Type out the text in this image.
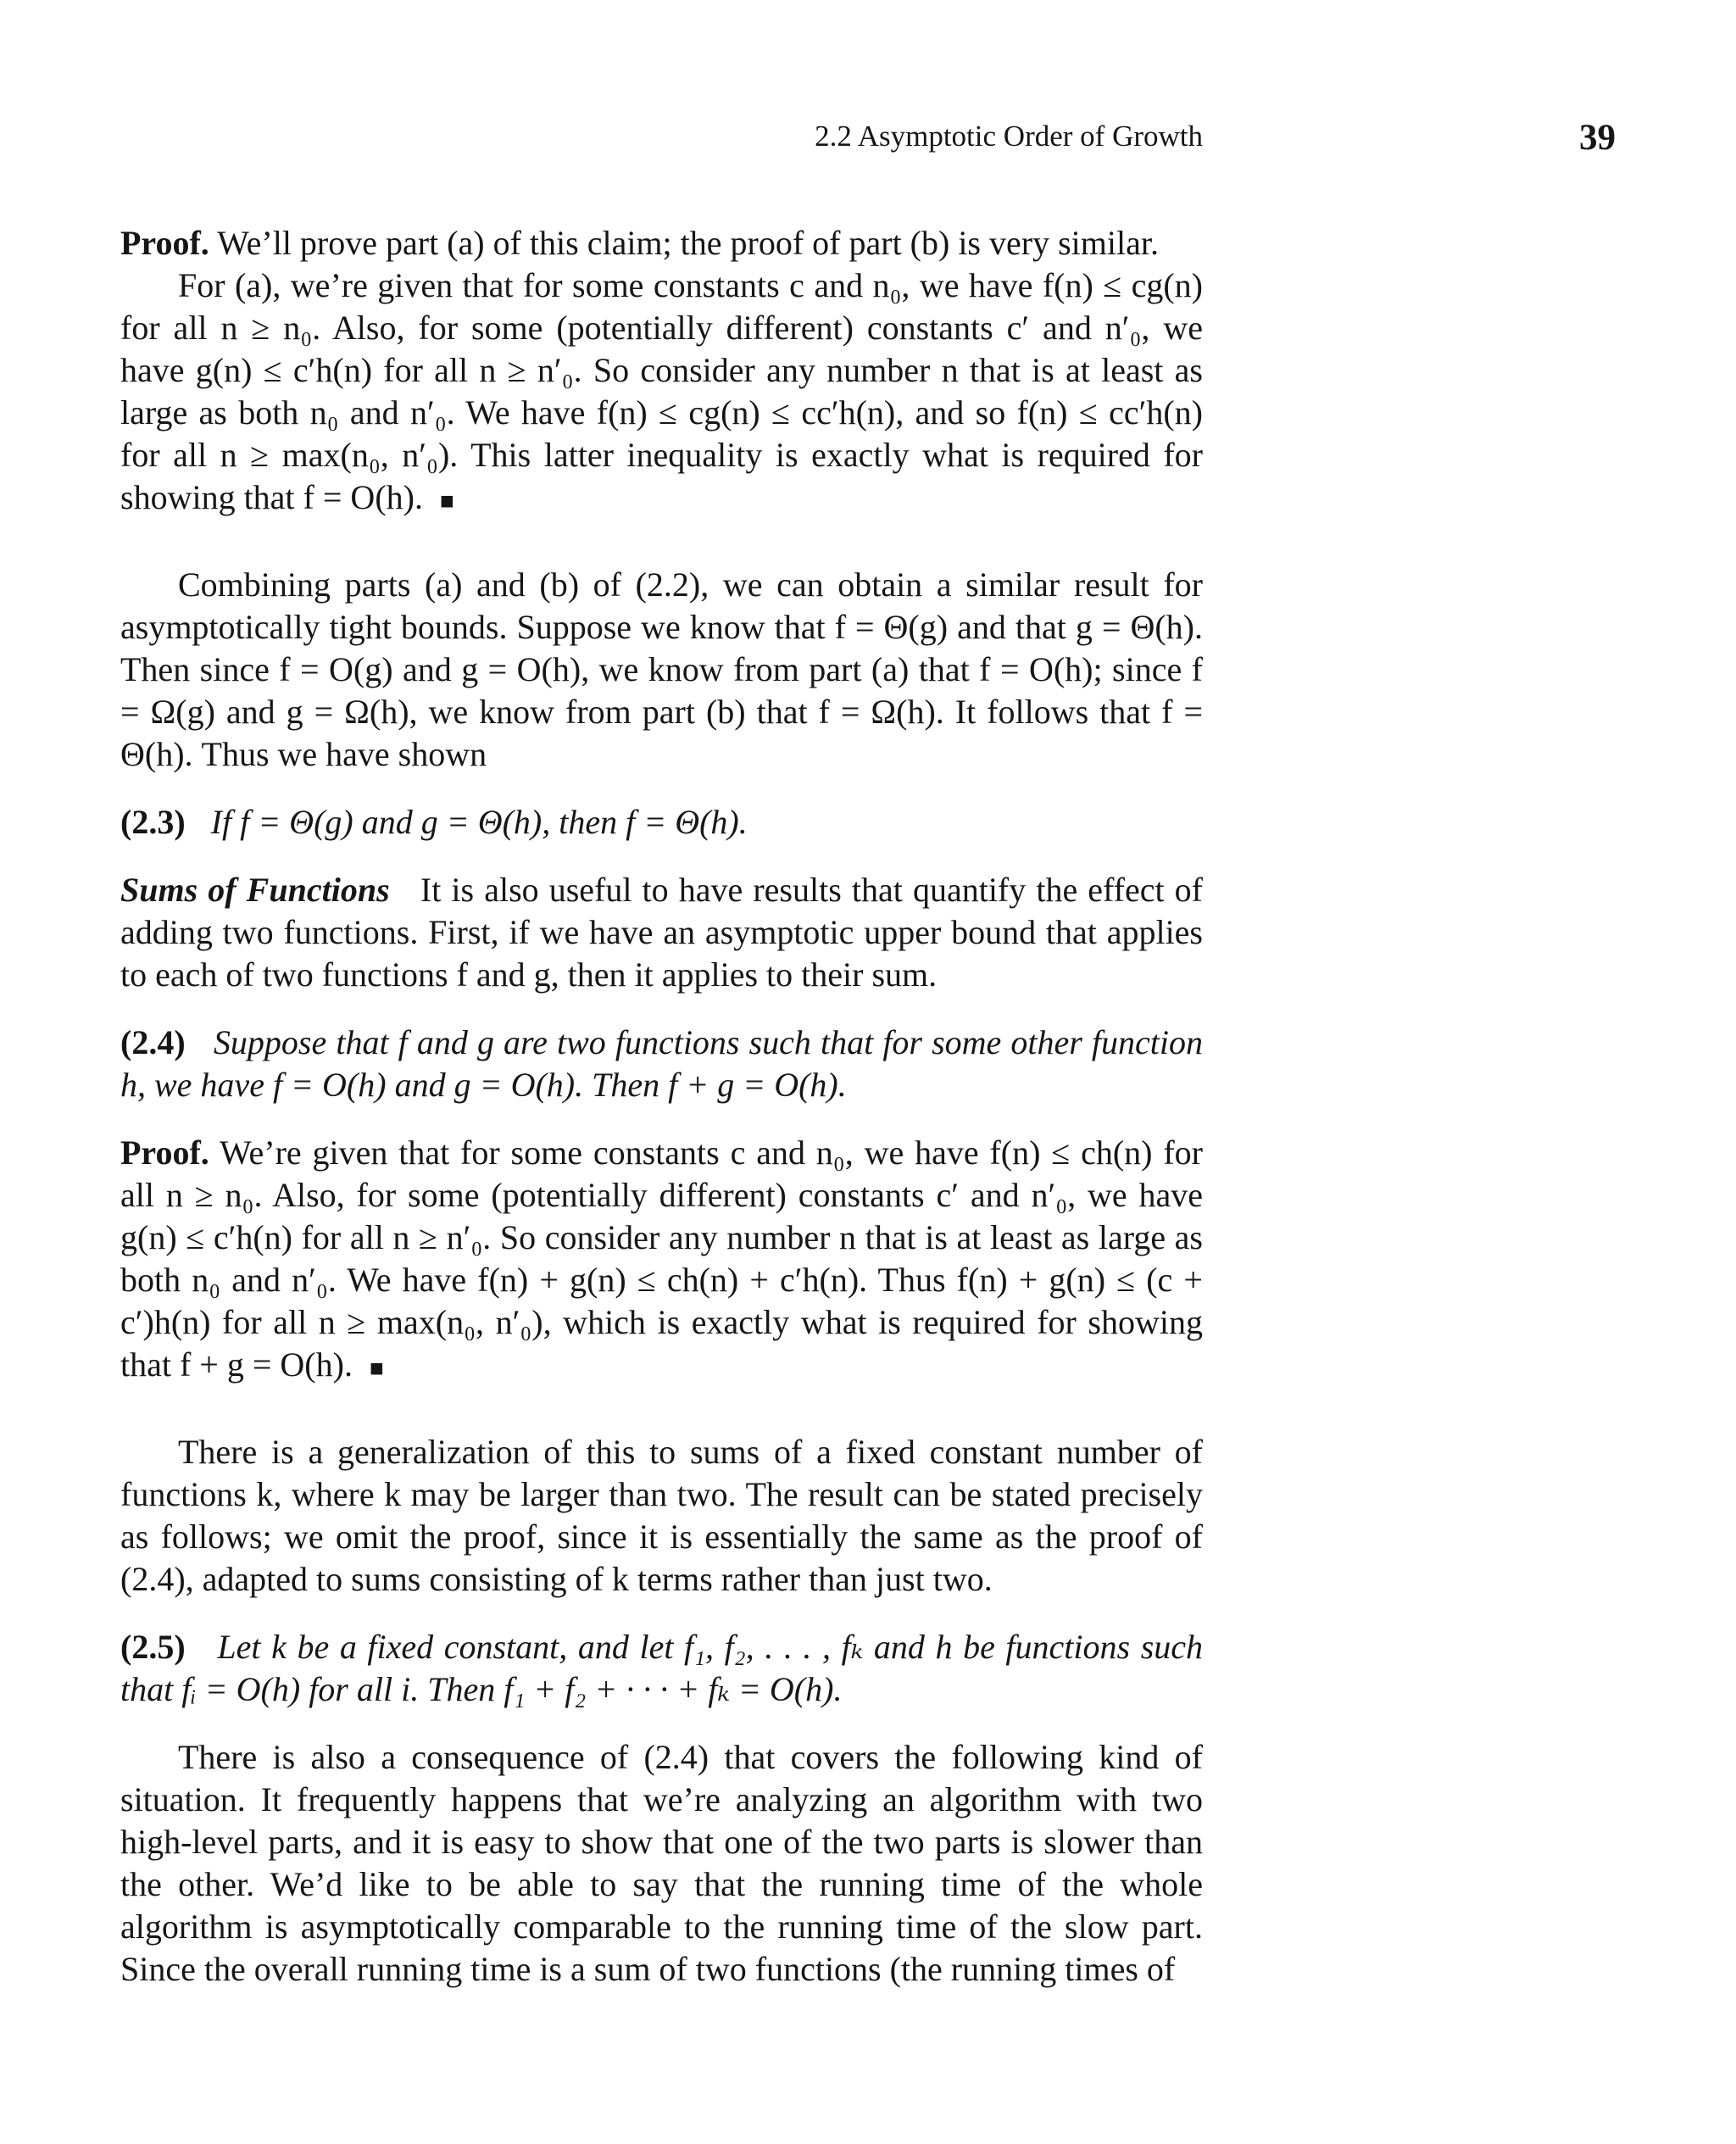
2.2 Asymptotic Order of Growth	39

Proof. We’ll prove part (a) of this claim; the proof of part (b) is very similar.

For (a), we’re given that for some constants c and n₀, we have f(n) ≤ cg(n) for all n ≥ n₀. Also, for some (potentially different) constants c′ and n′₀, we have g(n) ≤ c′h(n) for all n ≥ n′₀. So consider any number n that is at least as large as both n₀ and n′₀. We have f(n) ≤ cg(n) ≤ cc′h(n), and so f(n) ≤ cc′h(n) for all n ≥ max(n₀, n′₀). This latter inequality is exactly what is required for showing that f = O(h). ■

Combining parts (a) and (b) of (2.2), we can obtain a similar result for asymptotically tight bounds. Suppose we know that f = Θ(g) and that g = Θ(h). Then since f = O(g) and g = O(h), we know from part (a) that f = O(h); since f = Ω(g) and g = Ω(h), we know from part (b) that f = Ω(h). It follows that f = Θ(h). Thus we have shown

(2.3) If f = Θ(g) and g = Θ(h), then f = Θ(h).

Sums of Functions It is also useful to have results that quantify the effect of adding two functions. First, if we have an asymptotic upper bound that applies to each of two functions f and g, then it applies to their sum.

(2.4) Suppose that f and g are two functions such that for some other function h, we have f = O(h) and g = O(h). Then f + g = O(h).

Proof. We’re given that for some constants c and n₀, we have f(n) ≤ ch(n) for all n ≥ n₀. Also, for some (potentially different) constants c′ and n′₀, we have g(n) ≤ c′h(n) for all n ≥ n′₀. So consider any number n that is at least as large as both n₀ and n′₀. We have f(n) + g(n) ≤ ch(n) + c′h(n). Thus f(n) + g(n) ≤ (c + c′)h(n) for all n ≥ max(n₀, n′₀), which is exactly what is required for showing that f + g = O(h). ■

There is a generalization of this to sums of a fixed constant number of functions k, where k may be larger than two. The result can be stated precisely as follows; we omit the proof, since it is essentially the same as the proof of (2.4), adapted to sums consisting of k terms rather than just two.

(2.5) Let k be a fixed constant, and let f₁, f₂, . . . , fₖ and h be functions such that fᵢ = O(h) for all i. Then f₁ + f₂ + · · · + fₖ = O(h).

There is also a consequence of (2.4) that covers the following kind of situation. It frequently happens that we’re analyzing an algorithm with two high-level parts, and it is easy to show that one of the two parts is slower than the other. We’d like to be able to say that the running time of the whole algorithm is asymptotically comparable to the running time of the slow part. Since the overall running time is a sum of two functions (the running times of
